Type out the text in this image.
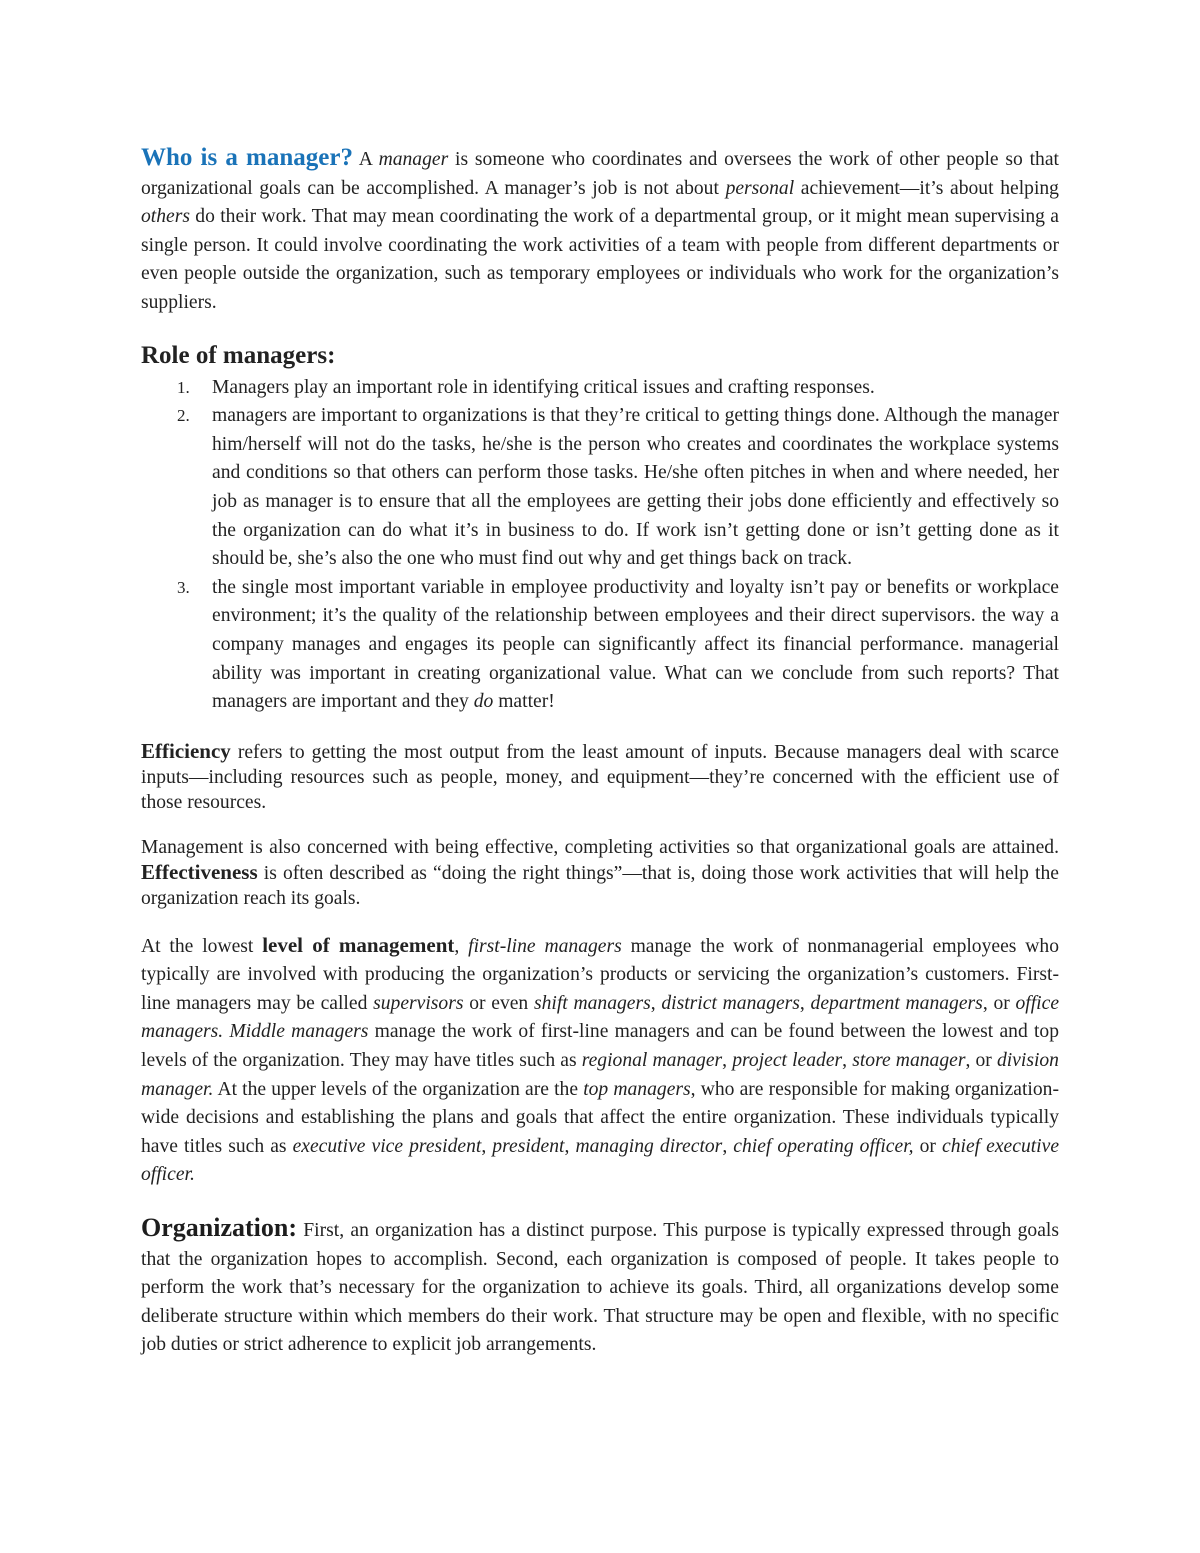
Who is a manager? A manager is someone who coordinates and oversees the work of other people so that organizational goals can be accomplished. A manager’s job is not about personal achievement—it’s about helping others do their work. That may mean coordinating the work of a departmental group, or it might mean supervising a single person. It could involve coordinating the work activities of a team with people from different departments or even people outside the organization, such as temporary employees or individuals who work for the organization’s suppliers.

Role of managers:
1. Managers play an important role in identifying critical issues and crafting responses.
2. managers are important to organizations is that they’re critical to getting things done. Although the manager him/herself will not do the tasks, he/she is the person who creates and coordinates the workplace systems and conditions so that others can perform those tasks. He/she often pitches in when and where needed, her job as manager is to ensure that all the employees are getting their jobs done efficiently and effectively so the organization can do what it’s in business to do. If work isn’t getting done or isn’t getting done as it should be, she’s also the one who must find out why and get things back on track.
3. the single most important variable in employee productivity and loyalty isn’t pay or benefits or workplace environment; it’s the quality of the relationship between employees and their direct supervisors. the way a company manages and engages its people can significantly affect its financial performance. managerial ability was important in creating organizational value. What can we conclude from such reports? That managers are important and they do matter!

Efficiency refers to getting the most output from the least amount of inputs. Because managers deal with scarce inputs—including resources such as people, money, and equipment—they’re concerned with the efficient use of those resources.

Management is also concerned with being effective, completing activities so that organizational goals are attained. Effectiveness is often described as “doing the right things”—that is, doing those work activities that will help the organization reach its goals.

At the lowest level of management, first-line managers manage the work of nonmanagerial employees who typically are involved with producing the organization’s products or servicing the organization’s customers. First-line managers may be called supervisors or even shift managers, district managers, department managers, or office managers. Middle managers manage the work of first-line managers and can be found between the lowest and top levels of the organization. They may have titles such as regional manager, project leader, store manager, or division manager. At the upper levels of the organization are the top managers, who are responsible for making organization-wide decisions and establishing the plans and goals that affect the entire organization. These individuals typically have titles such as executive vice president, president, managing director, chief operating officer, or chief executive officer.

Organization: First, an organization has a distinct purpose. This purpose is typically expressed through goals that the organization hopes to accomplish. Second, each organization is composed of people. It takes people to perform the work that’s necessary for the organization to achieve its goals. Third, all organizations develop some deliberate structure within which members do their work. That structure may be open and flexible, with no specific job duties or strict adherence to explicit job arrangements.
